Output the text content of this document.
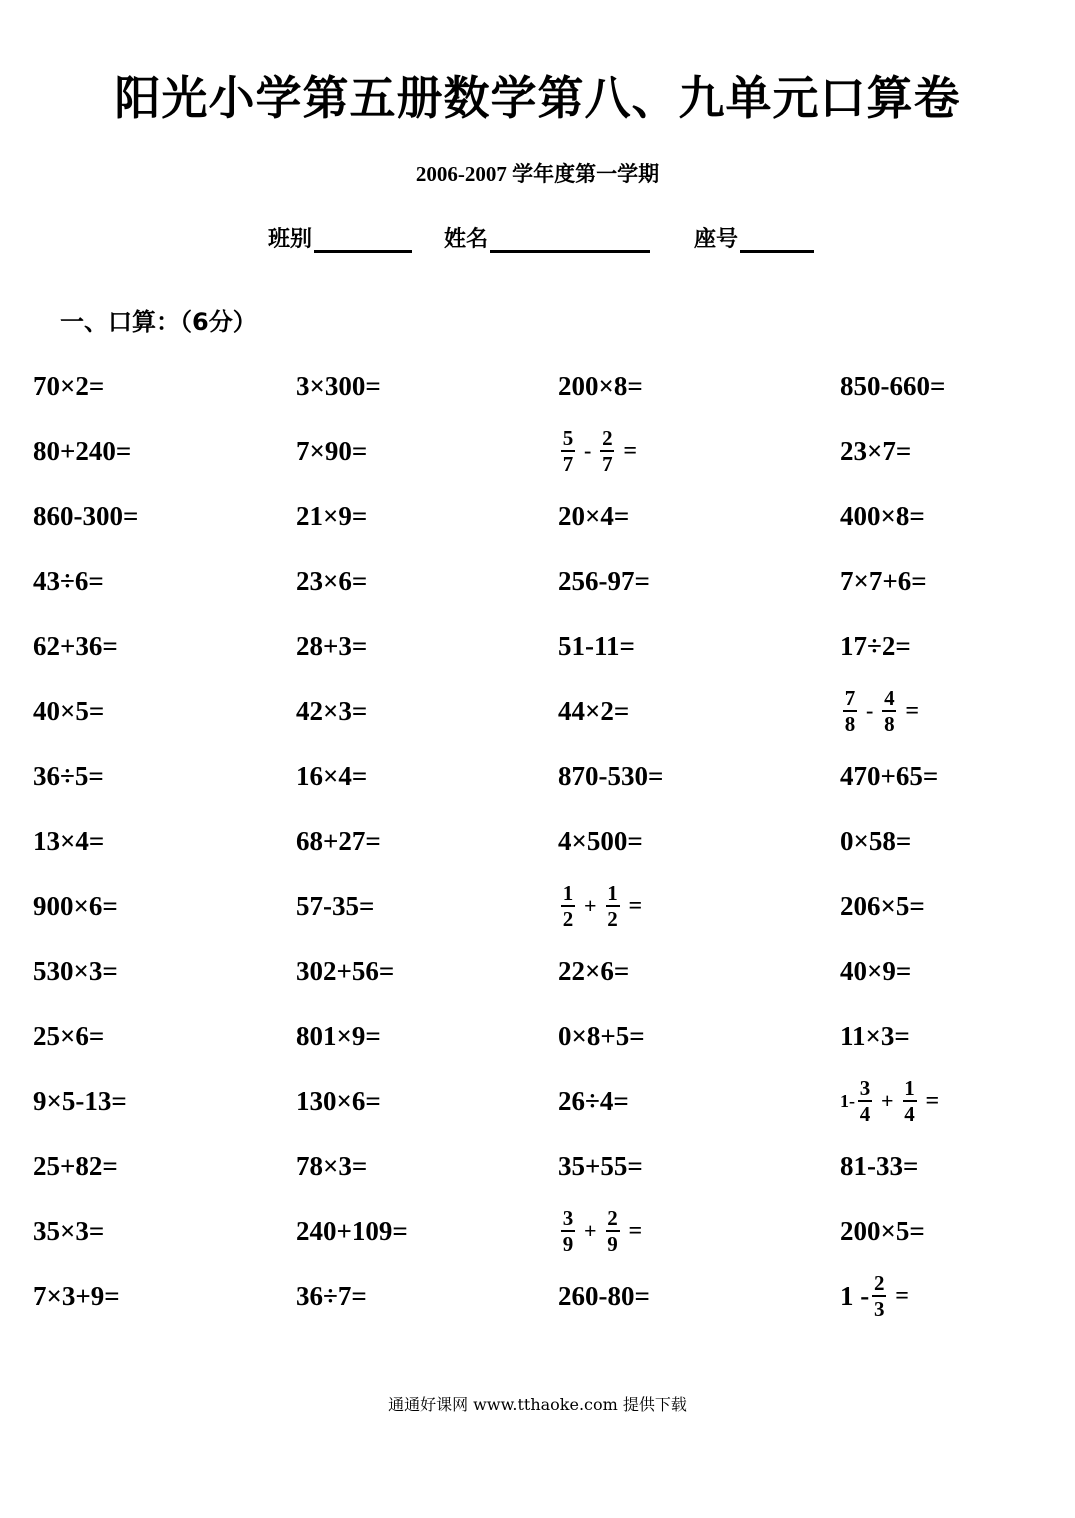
阳光小学第五册数学第八、九单元口算卷
2006-2007 学年度第一学期
班别	姓名	座号
一、口算：（6分）
70×2=
80+240=
860-300=
43÷6=
62+36=
40×5=
36÷5=
13×4=
900×6=
530×3=
25×6=
9×5-13=
25+82=
35×3=
7×3+9=
3×300=
7×90=
21×9=
23×6=
28+3=
42×3=
16×4=
68+27=
57-35=
302+56=
801×9=
130×6=
78×3=
240+109=
36÷7=
200×8=
$\frac{5}{7} - \frac{2}{7}$ =
20×4=
256-97=
51-11=
44×2=
870-530=
4×500=
$\frac{1}{2} + \frac{1}{2}$ =
22×6=
0×8+5=
26÷4=
35+55=
$\frac{3}{9} + \frac{2}{9}$ =
260-80=
850-660=
23×7=
400×8=
7×7+6=
17÷2=
$\frac{7}{8} - \frac{4}{8}$ =
470+65=
0×58=
206×5=
40×9=
11×3=
$1- \frac{3}{4} + \frac{1}{4}$ =
81-33=
200×5=
$1 - \frac{2}{3}$ =
通通好课网 www.tthaoke.com 提供下载
